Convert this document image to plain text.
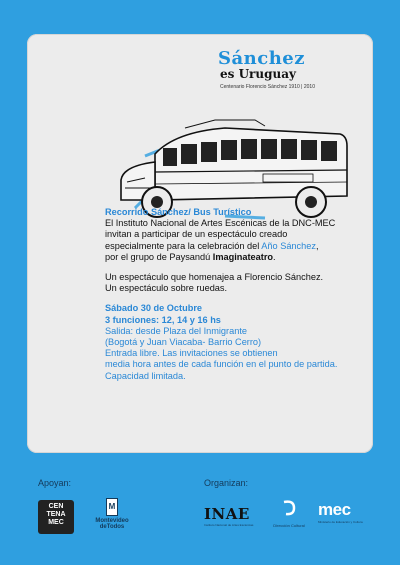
Sánchez
es Uruguay
Centenario Florencio Sánchez 1910 | 2010
Recorrido Sánchez/ Bus Turístico
El Instituto Nacional de Artes Escénicas de la DNC-MEC
invitan a participar de un espectáculo creado
especialmente para la celebración del Año Sánchez,
por el grupo de Paysandú Imaginateatro.
Un espectáculo que homenajea a Florencio Sánchez.
Un espectáculo sobre ruedas.
Sábado 30 de Octubre
3 funciones: 12, 14 y 16 hs
Salida: desde Plaza del Inmigrante
(Bogotá y Juan Viacaba- Barrio Cerro)
Entrada libre. Las invitaciones se obtienen
media hora antes de cada función en el punto de partida.
Capacidad limitada.
Apoyan:	Organizan:
CEN
TENA
MEC
M
Montevideo
deTodos
INAE
Instituto Nacional de Artes Escénicas	Dirección Cultural
mec
Ministerio de Educación y Cultura
